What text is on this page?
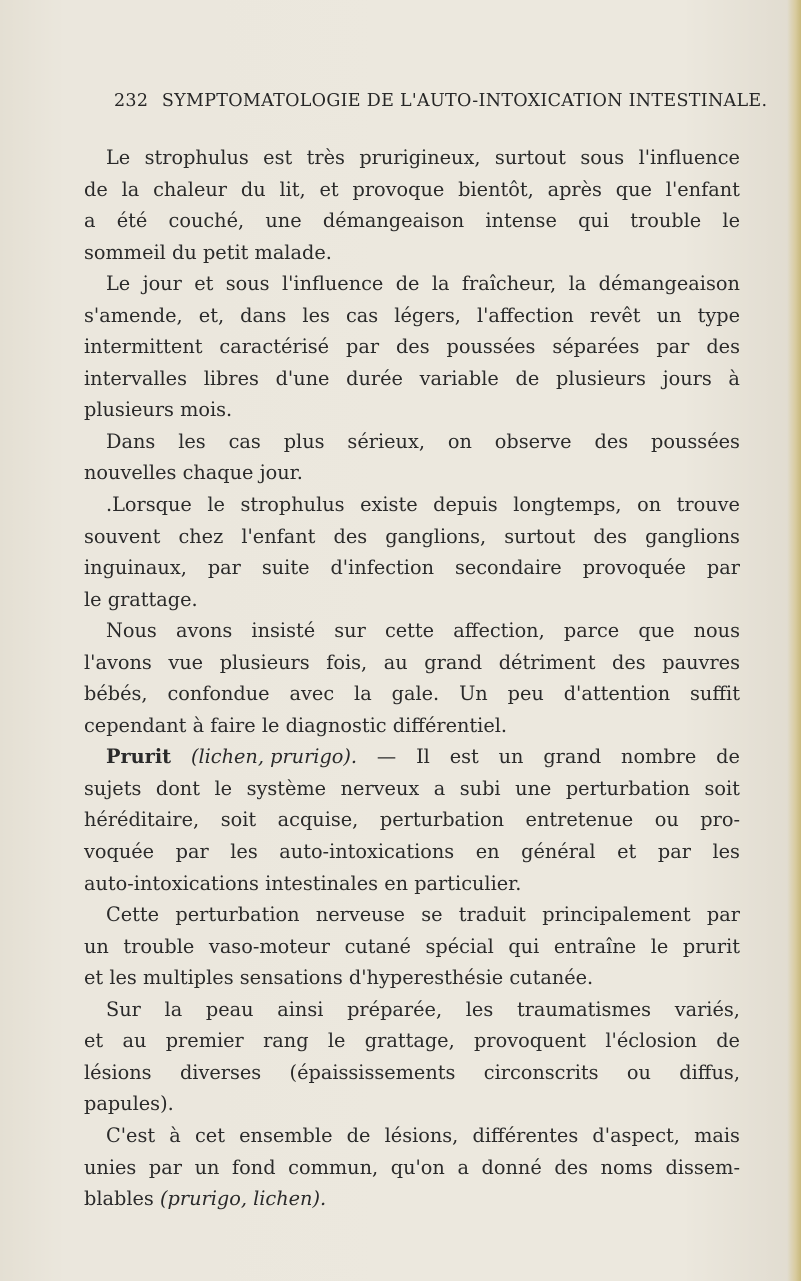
232 SYMPTOMATOLOGIE DE L'AUTO-INTOXICATION INTESTINALE.
Le strophulus est très prurigineux, surtout sous l'influence
de la chaleur du lit, et provoque bientôt, après que l'enfant
a été couché, une démangeaison intense qui trouble le
sommeil du petit malade.
Le jour et sous l'influence de la fraîcheur, la démangeaison
s'amende, et, dans les cas légers, l'affection revêt un type
intermittent caractérisé par des poussées séparées par des
intervalles libres d'une durée variable de plusieurs jours à
plusieurs mois.
Dans les cas plus sérieux, on observe des poussées
nouvelles chaque jour.
.Lorsque le strophulus existe depuis longtemps, on trouve
souvent chez l'enfant des ganglions, surtout des ganglions
inguinaux, par suite d'infection secondaire provoquée par
le grattage.
Nous avons insisté sur cette affection, parce que nous
l'avons vue plusieurs fois, au grand détriment des pauvres
bébés, confondue avec la gale. Un peu d'attention suffit
cependant à faire le diagnostic différentiel.
Prurit (lichen, prurigo). — Il est un grand nombre de
sujets dont le système nerveux a subi une perturbation soit
héréditaire, soit acquise, perturbation entretenue ou pro-
voquée par les auto-intoxications en général et par les
auto-intoxications intestinales en particulier.
Cette perturbation nerveuse se traduit principalement par
un trouble vaso-moteur cutané spécial qui entraîne le prurit
et les multiples sensations d'hyperesthésie cutanée.
Sur la peau ainsi préparée, les traumatismes variés,
et au premier rang le grattage, provoquent l'éclosion de
lésions diverses (épaississements circonscrits ou diffus,
papules).
C'est à cet ensemble de lésions, différentes d'aspect, mais
unies par un fond commun, qu'on a donné des noms dissem-
blables (prurigo, lichen).
